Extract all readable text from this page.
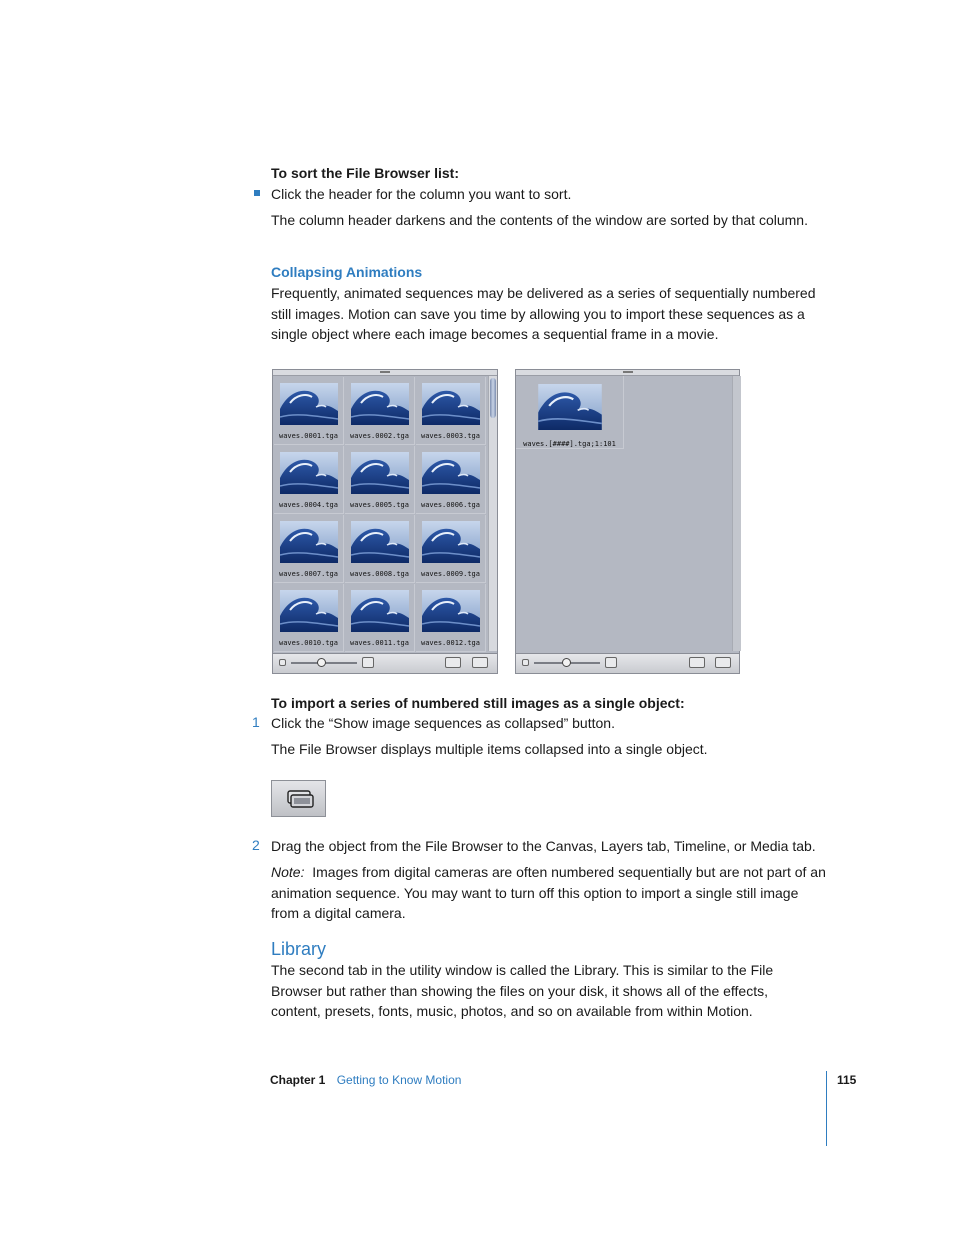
To sort the File Browser list:
Click the header for the column you want to sort.
The column header darkens and the contents of the window are sorted by that column.
Collapsing Animations
Frequently, animated sequences may be delivered as a series of sequentially numbered still images. Motion can save you time by allowing you to import these sequences as a single object where each image becomes a sequential frame in a movie.
waves.0001.tga	waves.0002.tga	waves.0003.tga
waves.0004.tga	waves.0005.tga	waves.0006.tga
waves.0007.tga	waves.0008.tga	waves.0009.tga
waves.0010.tga	waves.0011.tga	waves.0012.tga
waves.[####].tga;1:101
To import a series of numbered still images as a single object:
1 Click the “Show image sequences as collapsed” button.
The File Browser displays multiple items collapsed into a single object.
2 Drag the object from the File Browser to the Canvas, Layers tab, Timeline, or Media tab.
Note: Images from digital cameras are often numbered sequentially but are not part of an animation sequence. You may want to turn off this option to import a single still image from a digital camera.
Library
The second tab in the utility window is called the Library. This is similar to the File Browser but rather than showing the files on your disk, it shows all of the effects, content, presets, fonts, music, photos, and so on available from within Motion.
Chapter 1 Getting to Know Motion	115
